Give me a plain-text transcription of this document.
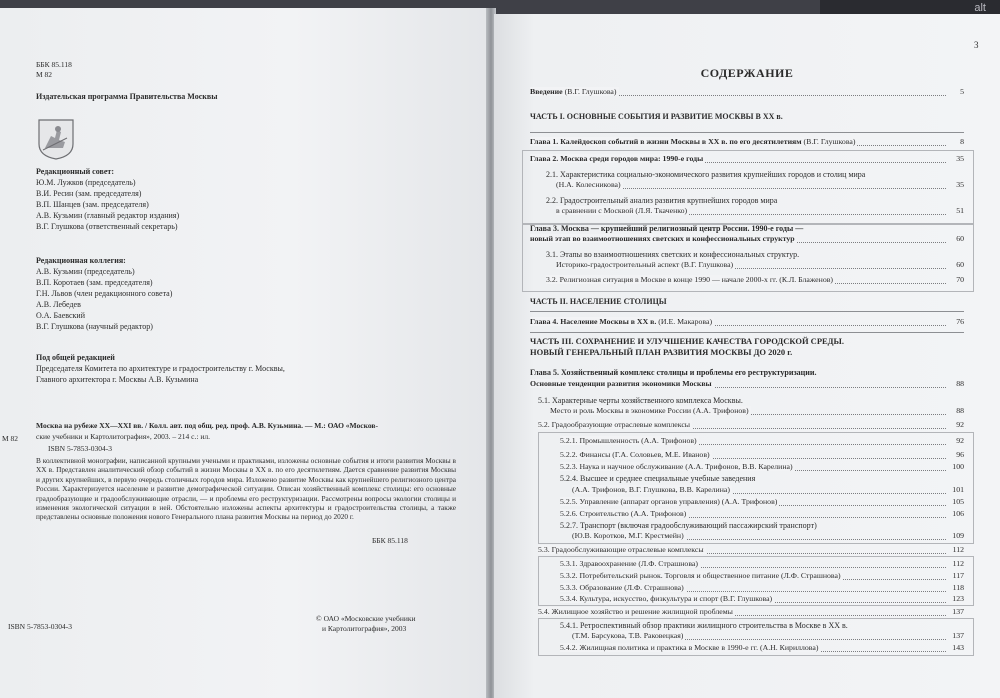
alt
ББК 85.118
М 82
Издательская программа Правительства Москвы
Редакционный совет:
Ю.М. Лужков (председатель)
В.И. Ресин (зам. председателя)
В.П. Шанцев (зам. председателя)
А.В. Кузьмин (главный редактор издания)
В.Г. Глушкова (ответственный секретарь)
Редакционная коллегия:
А.В. Кузьмин (председатель)
В.П. Коротаев (зам. председателя)
Г.Н. Львов (член редакционного совета)
А.В. Лебедев
О.А. Баевский
В.Г. Глушкова (научный редактор)
Под общей редакцией
Председателя Комитета по архитектуре и градостроительству г. Москвы,
Главного архитектора г. Москвы А.В. Кузьмина
М 82
Москва на рубеже XX—XXI вв. / Колл. авт. под общ. ред. проф. А.В. Кузьмина. — М.: ОАО «Москов-
ские учебники и Картолитография», 2003. – 214 с.: ил.
ISBN 5-7853-0304-3
В коллективной монографии, написанной крупными учеными и практиками, изложены основные события и итоги развития Москвы в XX в. Представлен аналитический обзор событий в жизни Москвы в XX в. по его десятилетиям. Дается сравнение развития Москвы и других крупнейших, в первую очередь столичных городов мира. Изложено развитие Москвы как крупнейшего религиозного центра России. Характеризуется население и развитие демографической ситуации. Описан хозяйственный комплекс столицы: его основные градообразующие и градообслуживающие отрасли, — и проблемы его реструктуризации. Рассмотрены вопросы экологии столицы и изменения экологической ситуации в ней. Обстоятельно изложены аспекты архитектуры и градостроительства столицы, а также представлены основные положения нового Генерального плана развития Москвы на период до 2020 г.
ББК 85.118
ISBN 5-7853-0304-3
© ОАО «Московские учебники
и Картолитография», 2003
3
СОДЕРЖАНИЕ
Введение (В.Г. Глушкова)	5
ЧАСТЬ I. ОСНОВНЫЕ СОБЫТИЯ И РАЗВИТИЕ МОСКВЫ В XX в.
Глава 1. Калейдоскоп событий в жизни Москвы в XX в. по его десятилетиям (В.Г. Глушкова)	8
Глава 2. Москва среди городов мира: 1990-е годы	35
2.1. Характеристика социально-экономического развития крупнейших городов и столиц мира
(Н.А. Колесникова)	35
2.2. Градостроительный анализ развития крупнейших городов мира
в сравнении с Москвой (Л.Я. Ткаченко)	51
Глава 3. Москва — крупнейший религиозный центр России. 1990-е годы —
новый этап во взаимоотношениях светских и конфессиональных структур	60
3.1. Этапы во взаимоотношениях светских и конфессиональных структур.
Историко-градостроительный аспект (В.Г. Глушкова)	60
3.2. Религиозная ситуация в Москве в конце 1990 — начале 2000-х гг. (К.Л. Блаженов)	70
ЧАСТЬ II. НАСЕЛЕНИЕ СТОЛИЦЫ
Глава 4. Население Москвы в XX в. (И.Е. Макарова)	76
ЧАСТЬ III. СОХРАНЕНИЕ И УЛУЧШЕНИЕ КАЧЕСТВА ГОРОДСКОЙ СРЕДЫ.
НОВЫЙ ГЕНЕРАЛЬНЫЙ ПЛАН РАЗВИТИЯ МОСКВЫ ДО 2020 г.
Глава 5. Хозяйственный комплекс столицы и проблемы его реструктуризации.
Основные тенденции развития экономики Москвы	88
5.1. Характерные черты хозяйственного комплекса Москвы.
Место и роль Москвы в экономике России (А.А. Трифонов)	88
5.2. Градообразующие отраслевые комплексы	92
5.2.1. Промышленность (А.А. Трифонов)	92
5.2.2. Финансы (Г.А. Соловьев, М.Е. Иванов)	96
5.2.3. Наука и научное обслуживание (А.А. Трифонов, В.В. Карелина)	100
5.2.4. Высшее и среднее специальные учебные заведения
(А.А. Трифонов, В.Г. Глушкова, В.В. Карелина)	101
5.2.5. Управление (аппарат органов управления) (А.А. Трифонов)	105
5.2.6. Строительство (А.А. Трифонов)	106
5.2.7. Транспорт (включая градообслуживающий пассажирский транспорт)
(Ю.В. Коротков, М.Г. Крестмейн)	109
5.3. Градообслуживающие отраслевые комплексы	112
5.3.1. Здравоохранение (Л.Ф. Страшнова)	112
5.3.2. Потребительский рынок. Торговля и общественное питание (Л.Ф. Страшнова)	117
5.3.3. Образование (Л.Ф. Страшнова)	118
5.3.4. Культура, искусство, физкультура и спорт (В.Г. Глушкова)	123
5.4. Жилищное хозяйство и решение жилищной проблемы	137
5.4.1. Ретроспективный обзор практики жилищного строительства в Москве в XX в.
(Т.М. Барсукова, Т.В. Раковецкая)	137
5.4.2. Жилищная политика и практика в Москве в 1990-е гг. (А.Н. Кириллова)	143
